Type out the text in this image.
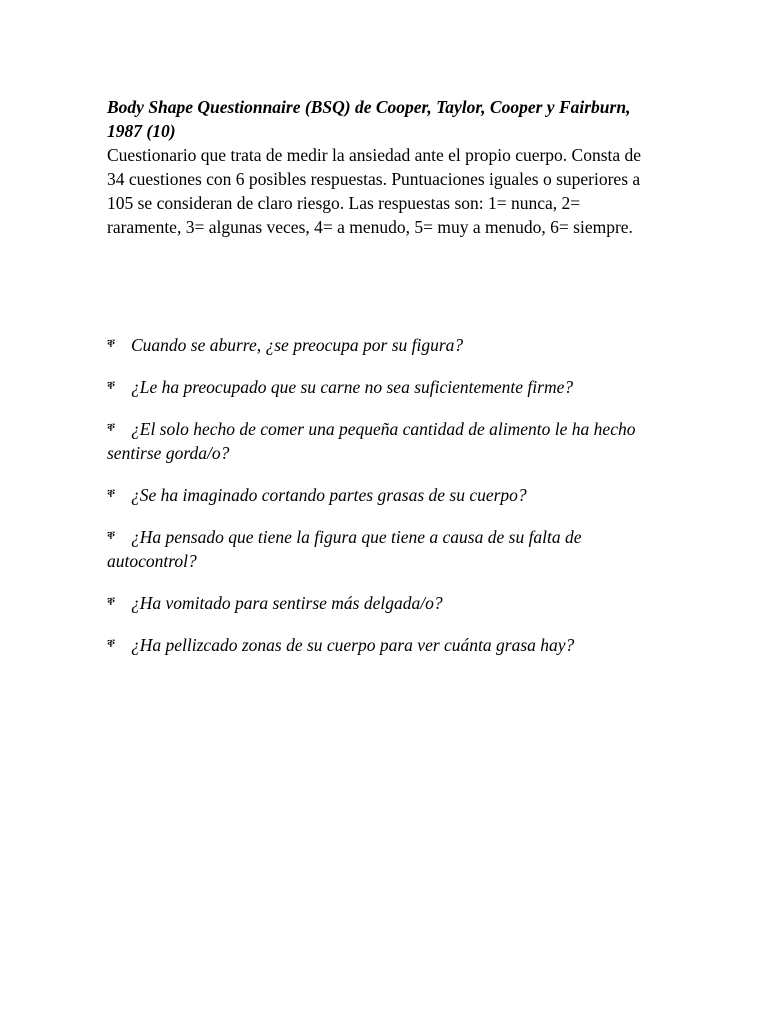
Body Shape Questionnaire (BSQ) de Cooper, Taylor, Cooper y Fairburn, 1987 (10)

Cuestionario que trata de medir la ansiedad ante el propio cuerpo. Consta de 34 cuestiones con 6 posibles respuestas. Puntuaciones iguales o superiores a 105 se consideran de claro riesgo. Las respuestas son: 1= nunca, 2= raramente, 3= algunas veces, 4= a menudo, 5= muy a menudo, 6= siempre.

ቐ Cuando se aburre, ¿se preocupa por su figura?
ቐ ¿Le ha preocupado que su carne no sea suficientemente firme?
ቐ ¿El solo hecho de comer una pequeña cantidad de alimento le ha hecho sentirse gorda/o?
ቐ ¿Se ha imaginado cortando partes grasas de su cuerpo?
ቐ ¿Ha pensado que tiene la figura que tiene a causa de su falta de autocontrol?
ቐ ¿Ha vomitado para sentirse más delgada/o?
ቐ ¿Ha pellizcado zonas de su cuerpo para ver cuánta grasa hay?
